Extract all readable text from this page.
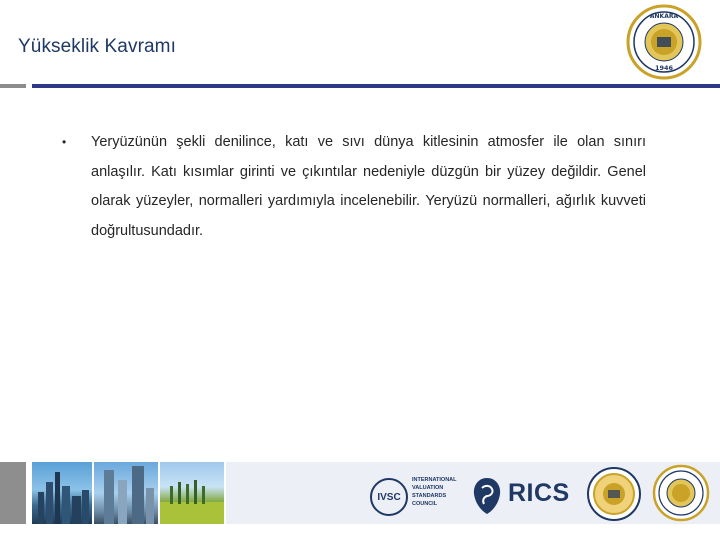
Yükseklik Kavramı
ANKARA
1946
• Yeryüzünün şekli denilince, katı ve sıvı dünya kitlesinin atmosfer ile olan sınırı anlaşılır. Katı kısımlar girinti ve çıkıntılar nedeniyle düzgün bir yüzey değildir. Genel olarak yüzeyler, normalleri yardımıyla incelenebilir. Yeryüzü normalleri, ağırlık kuvveti doğrultusundadır.
IVSC
INTERNATIONAL
VALUATION
STANDARDS
COUNCIL	RICS
